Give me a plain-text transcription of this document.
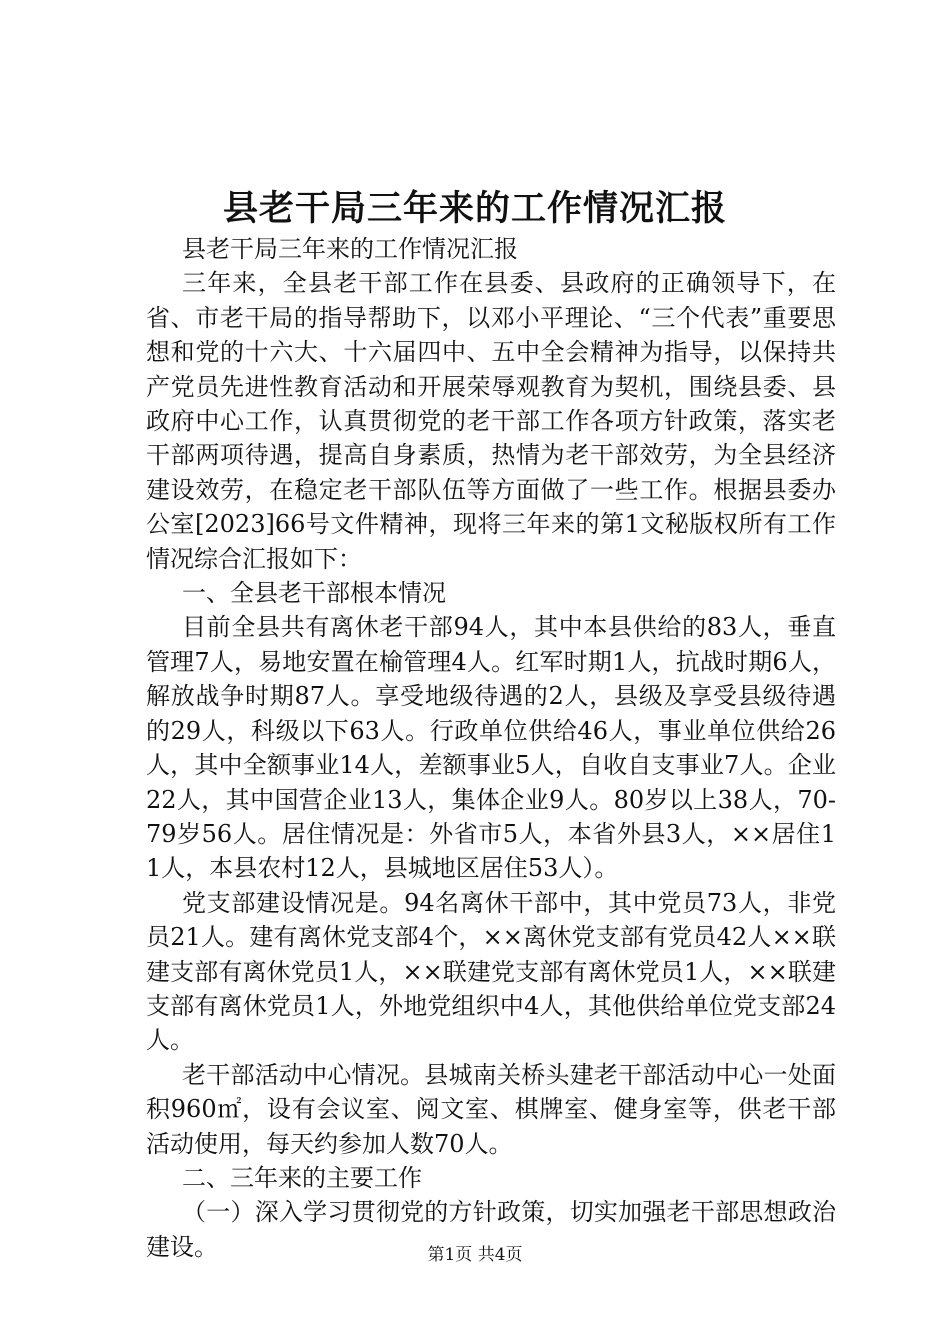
县老干局三年来的工作情况汇报

县老干局三年来的工作情况汇报

三年来，全县老干部工作在县委、县政府的正确领导下，在省、市老干局的指导帮助下，以邓小平理论、“三个代表”重要思想和党的十六大、十六届四中、五中全会精神为指导，以保持共产党员先进性教育活动和开展荣辱观教育为契机，围绕县委、县政府中心工作，认真贯彻党的老干部工作各项方针政策，落实老干部两项待遇，提高自身素质，热情为老干部效劳，为全县经济建设效劳，在稳定老干部队伍等方面做了一些工作。根据县委办公室[2023]66号文件精神，现将三年来的第1文秘版权所有工作情况综合汇报如下：

一、全县老干部根本情况

目前全县共有离休老干部94人，其中本县供给的83人，垂直管理7人，易地安置在榆管理4人。红军时期1人，抗战时期6人，解放战争时期87人。享受地级待遇的2人，县级及享受县级待遇的29人，科级以下63人。行政单位供给46人，事业单位供给26人，其中全额事业14人，差额事业5人，自收自支事业7人。企业22人，其中国营企业13人，集体企业9人。80岁以上38人，70-79岁56人。居住情况是：外省市5人，本省外县3人，××居住11人，本县农村12人，县城地区居住53人）。

党支部建设情况是。94名离休干部中，其中党员73人，非党员21人。建有离休党支部4个，××离休党支部有党员42人××联建支部有离休党员1人，××联建党支部有离休党员1人，××联建支部有离休党员1人，外地党组织中4人，其他供给单位党支部24人。

老干部活动中心情况。县城南关桥头建老干部活动中心一处面积960㎡，设有会议室、阅文室、棋牌室、健身室等，供老干部活动使用，每天约参加人数70人。

二、三年来的主要工作

（一）深入学习贯彻党的方针政策，切实加强老干部思想政治建设。	第1页 共4页
